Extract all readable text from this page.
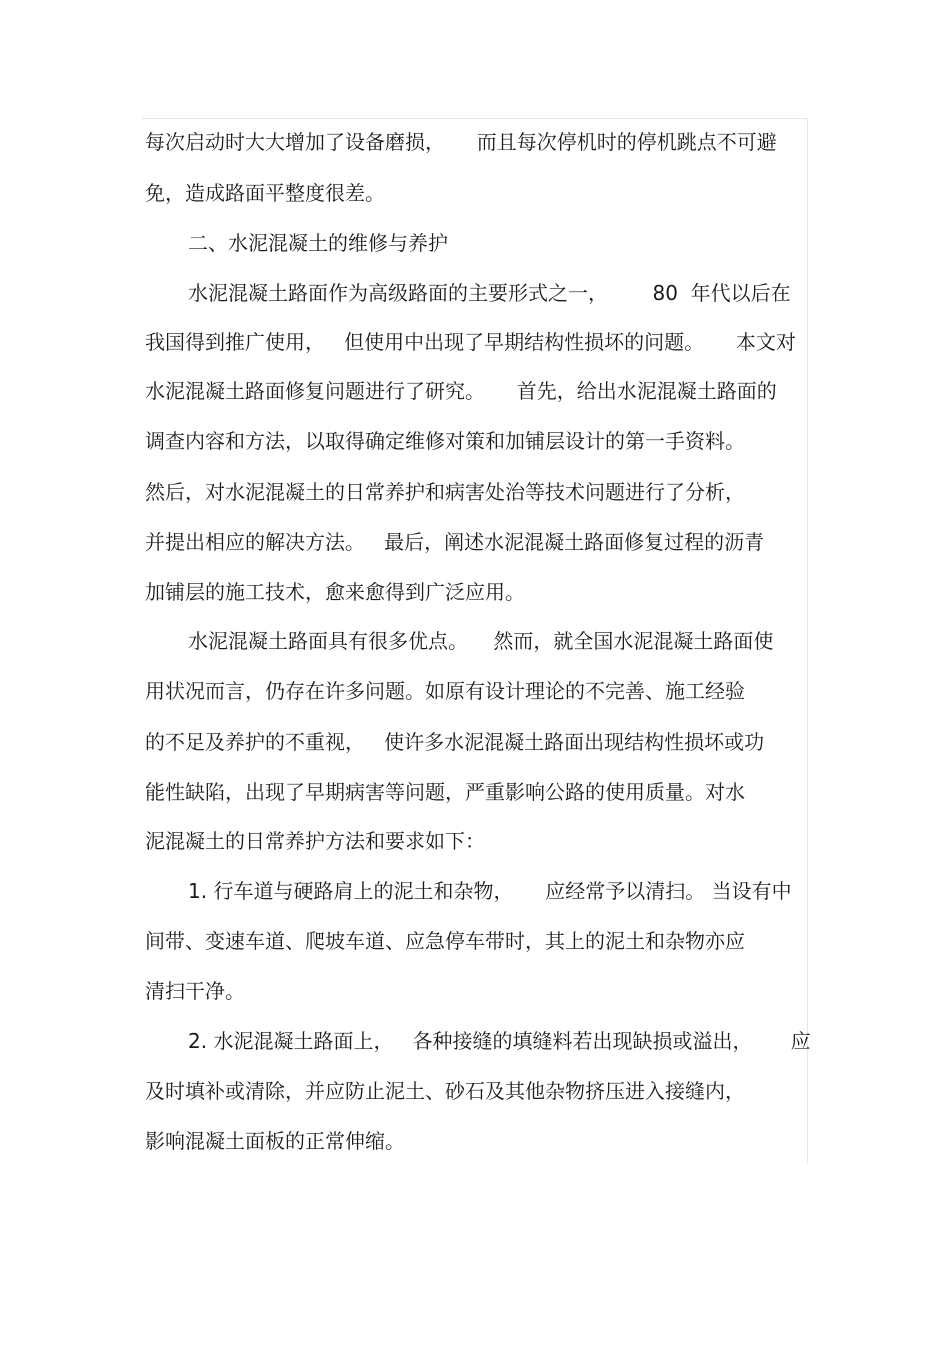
每次启动时大大增加了设备磨损，     而且每次停机时的停机跳点不可避
免，造成路面平整度很差。
二、水泥混凝土的维修与养护
水泥混凝土路面作为高级路面的主要形式之一，       80  年代以后在
我国得到推广使用，   但使用中出现了早期结构性损坏的问题。     本文对
水泥混凝土路面修复问题进行了研究。     首先，给出水泥混凝土路面的
调查内容和方法，以取得确定维修对策和加铺层设计的第一手资料。
然后，对水泥混凝土的日常养护和病害处治等技术问题进行了分析，
并提出相应的解决方法。   最后，阐述水泥混凝土路面修复过程的沥青
加铺层的施工技术，愈来愈得到广泛应用。
水泥混凝土路面具有很多优点。    然而，就全国水泥混凝土路面使
用状况而言，仍存在许多问题。如原有设计理论的不完善、施工经验
的不足及养护的不重视，   使许多水泥混凝土路面出现结构性损坏或功
能性缺陷，出现了早期病害等问题，严重影响公路的使用质量。对水
泥混凝土的日常养护方法和要求如下：
1. 行车道与硬路肩上的泥土和杂物，     应经常予以清扫。 当设有中
间带、变速车道、爬坡车道、应急停车带时，其上的泥土和杂物亦应
清扫干净。
2. 水泥混凝土路面上，   各种接缝的填缝料若出现缺损或溢出，      应
及时填补或清除，并应防止泥土、砂石及其他杂物挤压进入接缝内，
影响混凝土面板的正常伸缩。
